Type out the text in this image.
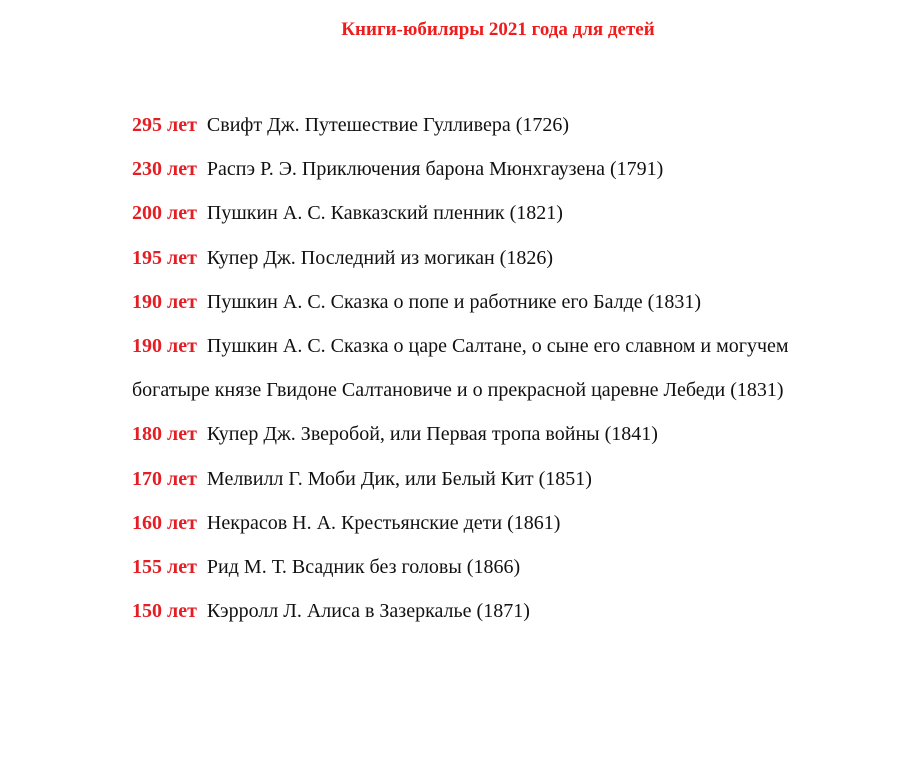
Книги-юбиляры 2021 года для детей
295 лет Свифт Дж. Путешествие Гулливера (1726)
230 лет Распэ Р. Э. Приключения барона Мюнхгаузена (1791)
200 лет Пушкин А. С. Кавказский пленник (1821)
195 лет Купер Дж. Последний из могикан (1826)
190 лет Пушкин А. С. Сказка о попе и работнике его Балде (1831)
190 лет Пушкин А. С. Сказка о царе Салтане, о сыне его славном и могучем богатыре князе Гвидоне Салтановиче и о прекрасной царевне Лебеди (1831)
180 лет Купер Дж. Зверобой, или Первая тропа войны (1841)
170 лет Мелвилл Г. Моби Дик, или Белый Кит (1851)
160 лет Некрасов Н. А. Крестьянские дети (1861)
155 лет Рид М. Т. Всадник без головы (1866)
150 лет Кэрролл Л. Алиса в Зазеркалье (1871)
